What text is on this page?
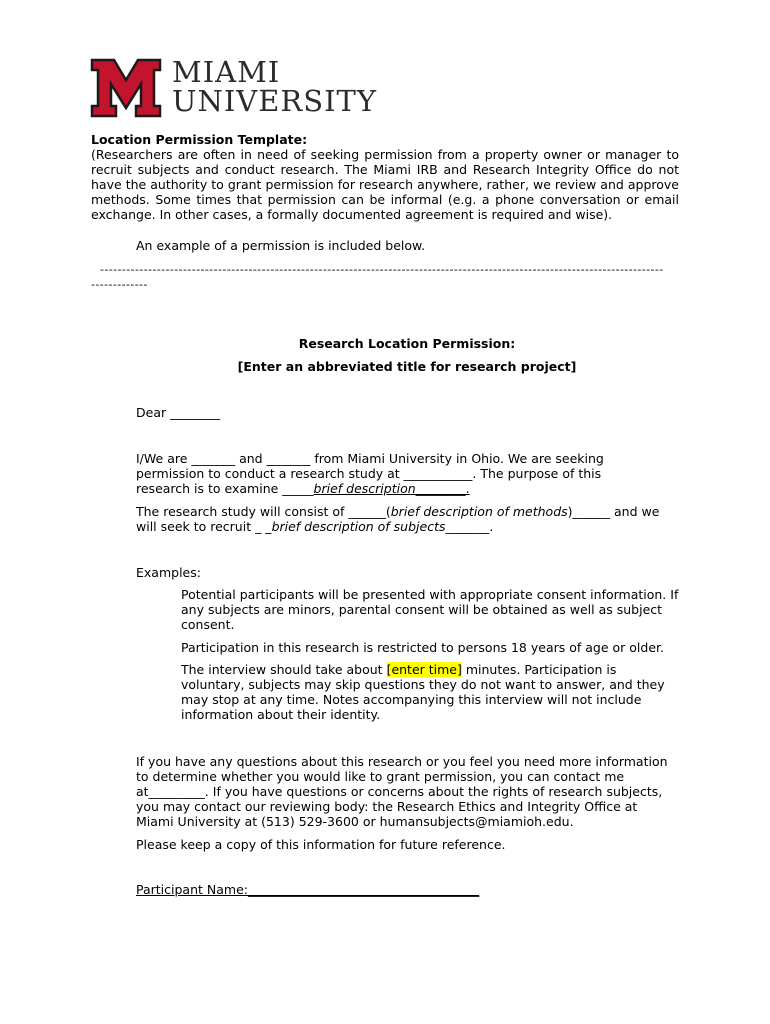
MIAMI
UNIVERSITY
Location Permission Template:
(Researchers are often in need of seeking permission from a property owner or manager to recruit subjects and conduct research. The Miami IRB and Research Integrity Office do not have the authority to grant permission for research anywhere, rather, we review and approve methods. Some times that permission can be informal (e.g. a phone conversation or email exchange. In other cases, a formally documented agreement is required and wise).
An example of a permission is included below.
---------------------------------------------------------------------------------------------------------------------------------
-------------
Research Location Permission:
[Enter an abbreviated title for research project]
Dear ________
I/We are _______ and _______ from Miami University in Ohio. We are seeking permission to conduct a research study at ___________. The purpose of this research is to examine _____brief description________.
The research study will consist of ______(brief description of methods)______ and we will seek to recruit _ _brief description of subjects_______.
Examples:
Potential participants will be presented with appropriate consent information. If any subjects are minors, parental consent will be obtained as well as subject consent.
Participation in this research is restricted to persons 18 years of age or older.
The interview should take about [enter time] minutes. Participation is voluntary, subjects may skip questions they do not want to answer, and they may stop at any time. Notes accompanying this interview will not include information about their identity.
If you have any questions about this research or you feel you need more information to determine whether you would like to grant permission, you can contact me at_________. If you have questions or concerns about the rights of research subjects, you may contact our reviewing body: the Research Ethics and Integrity Office at Miami University at (513) 529-3600 or humansubjects@miamioh.edu.
Please keep a copy of this information for future reference.
Participant Name:_____________________________________
